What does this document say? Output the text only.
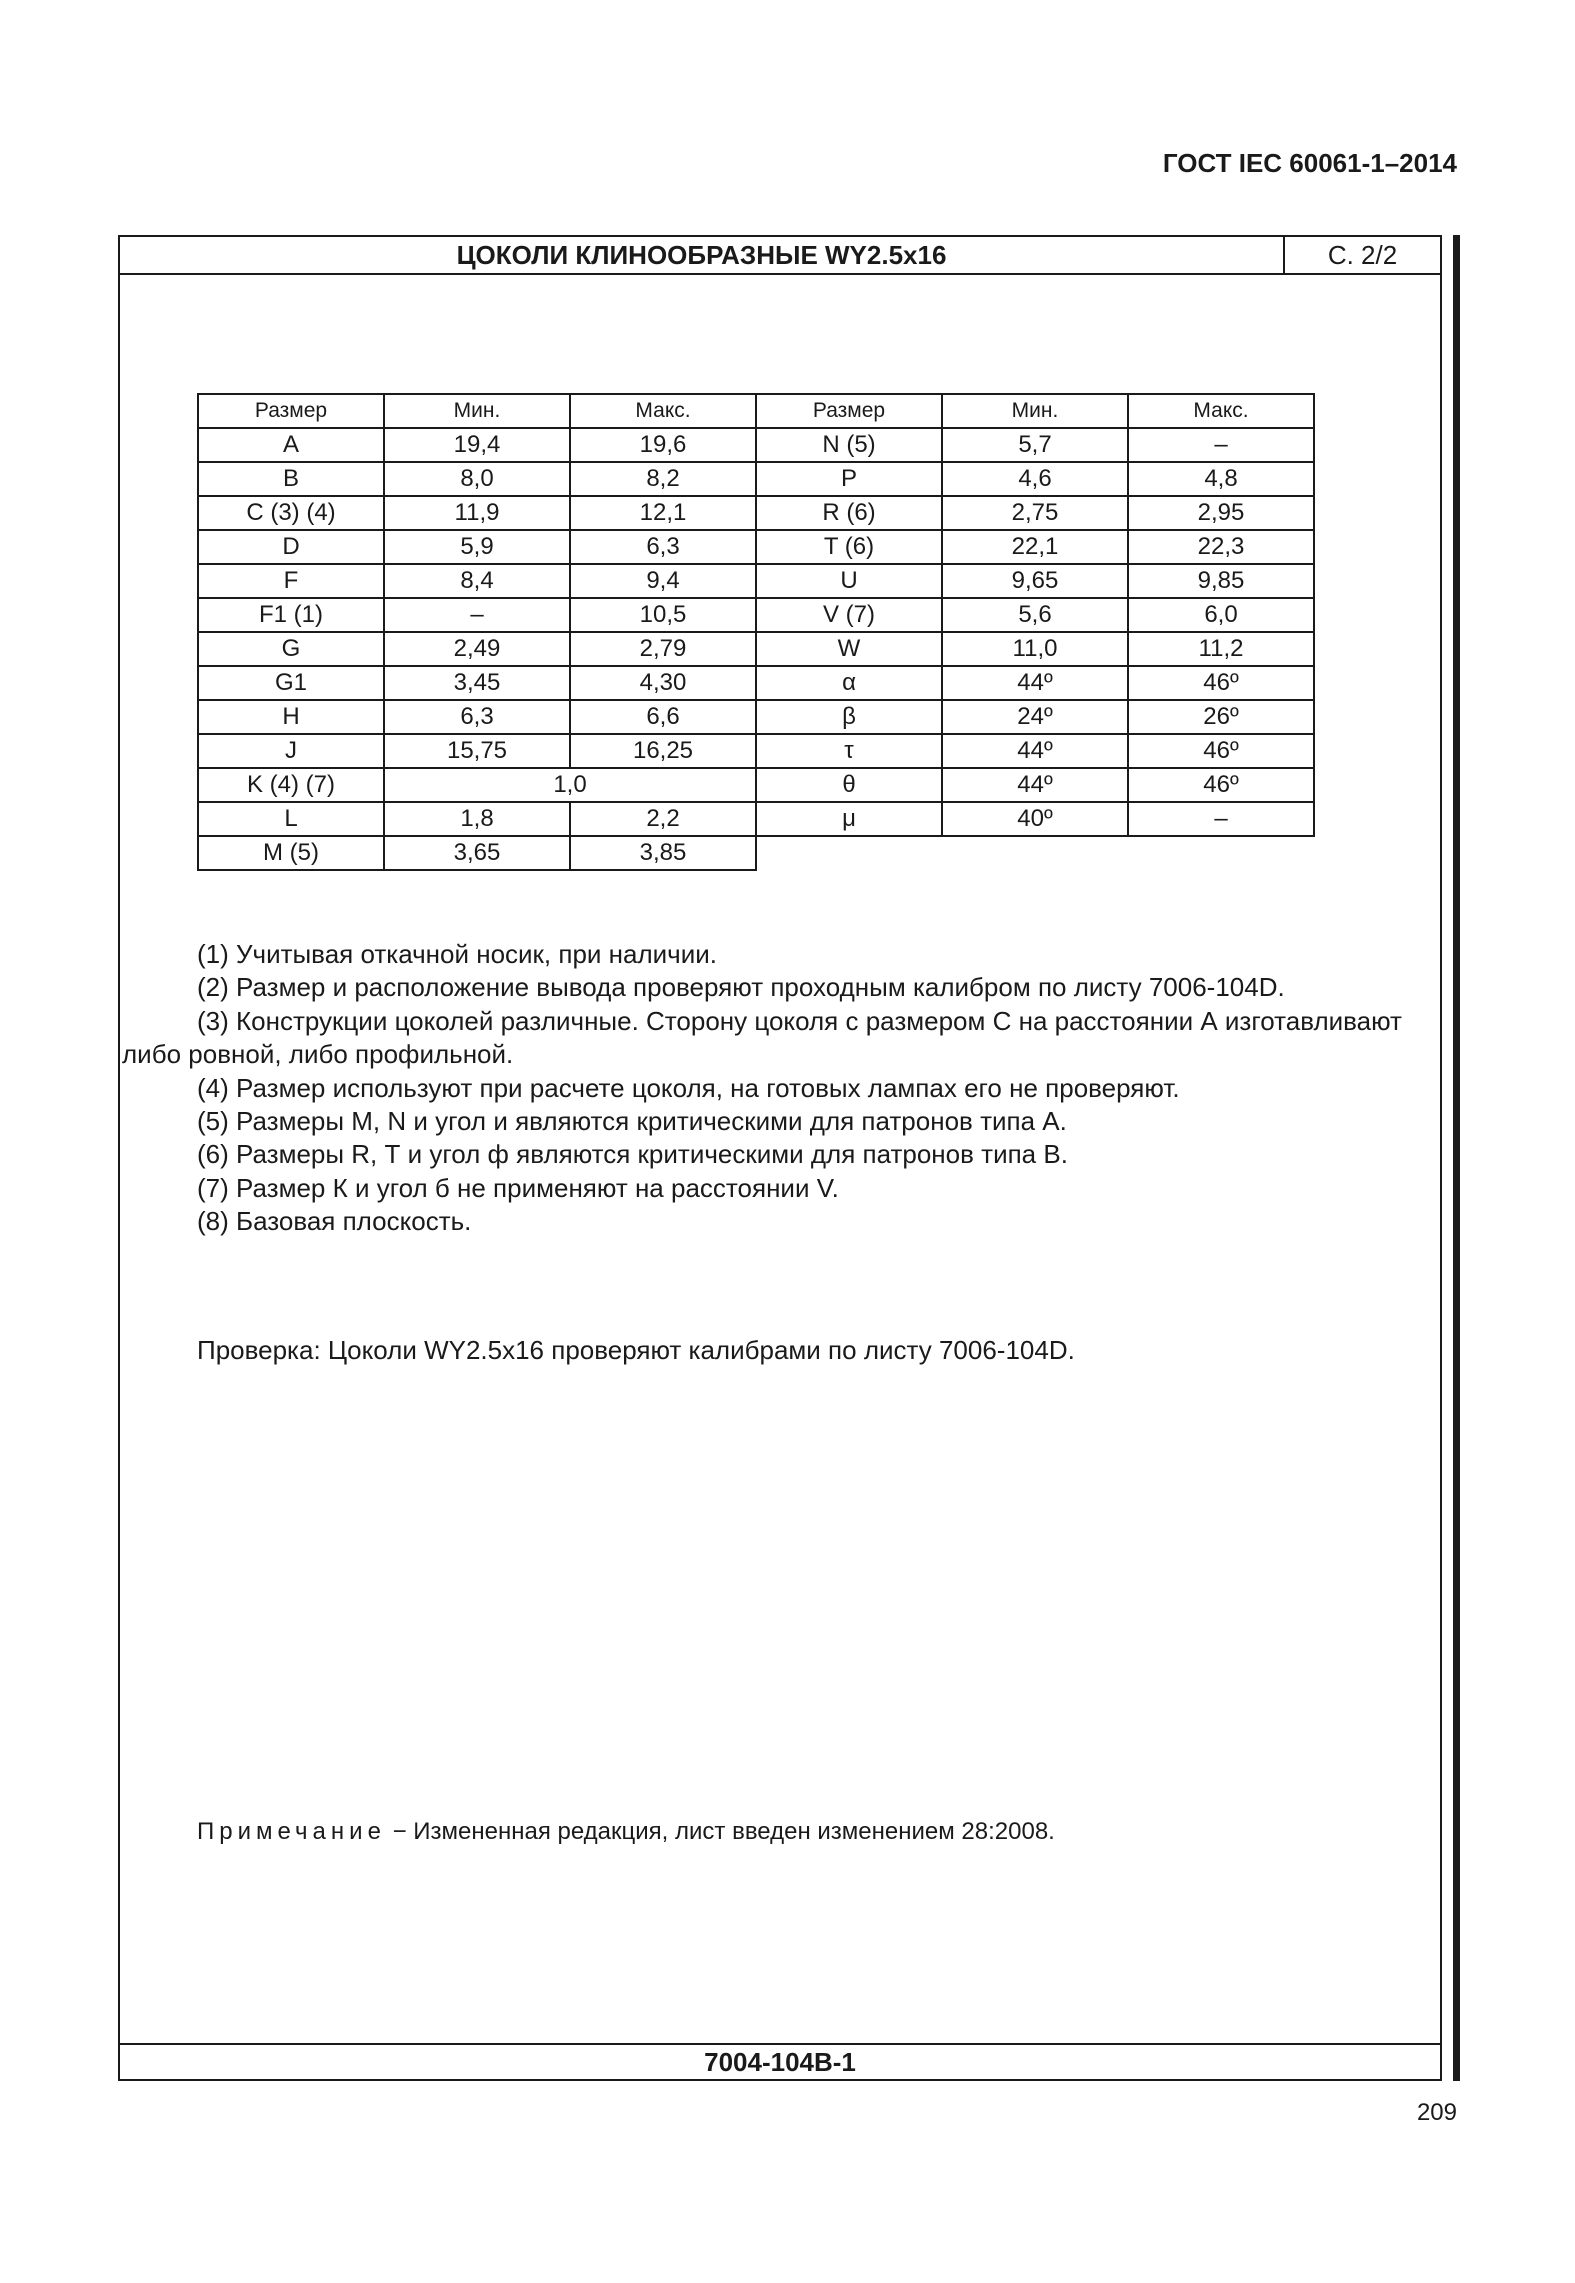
ГОСТ IEC 60061-1–2014
ЦОКОЛИ КЛИНООБРАЗНЫЕ WY2.5x16	С. 2/2
7004-104B-1
Размер	Мин.	Макс.	Размер	Мин.	Макс.
A	19,4	19,6	N (5)	5,7	–
B	8,0	8,2	P	4,6	4,8
C (3) (4)	11,9	12,1	R (6)	2,75	2,95
D	5,9	6,3	T (6)	22,1	22,3
F	8,4	9,4	U	9,65	9,85
F1 (1)	–	10,5	V (7)	5,6	6,0
G	2,49	2,79	W	11,0	11,2
G1	3,45	4,30	α	44º	46º
H	6,3	6,6	β	24º	26º
J	15,75	16,25	τ	44º	46º
K (4) (7)	1,0		θ	44º	46º
L	1,8	2,2	μ	40º	–
M (5)	3,65	3,85			

(1) Учитывая откачной носик, при наличии.

(2) Размер и расположение вывода проверяют проходным калибром по листу 7006-104D.

(3) Конструкции цоколей различные. Сторону цоколя с размером С на расстоянии А изготавливают либо ровной, либо профильной.

(4) Размер используют при расчете цоколя, на готовых лампах его не проверяют.

(5) Размеры М, N и угол и являются критическими для патронов типа А.

(6) Размеры R, Т и угол ф являются критическими для патронов типа В.

(7) Размер К и угол б не применяют на расстоянии V.

(8) Базовая плоскость.

Проверка: Цоколи WY2.5x16 проверяют калибрами по листу 7006-104D.
Примечание − Измененная редакция, лист введен изменением 28:2008.
209
